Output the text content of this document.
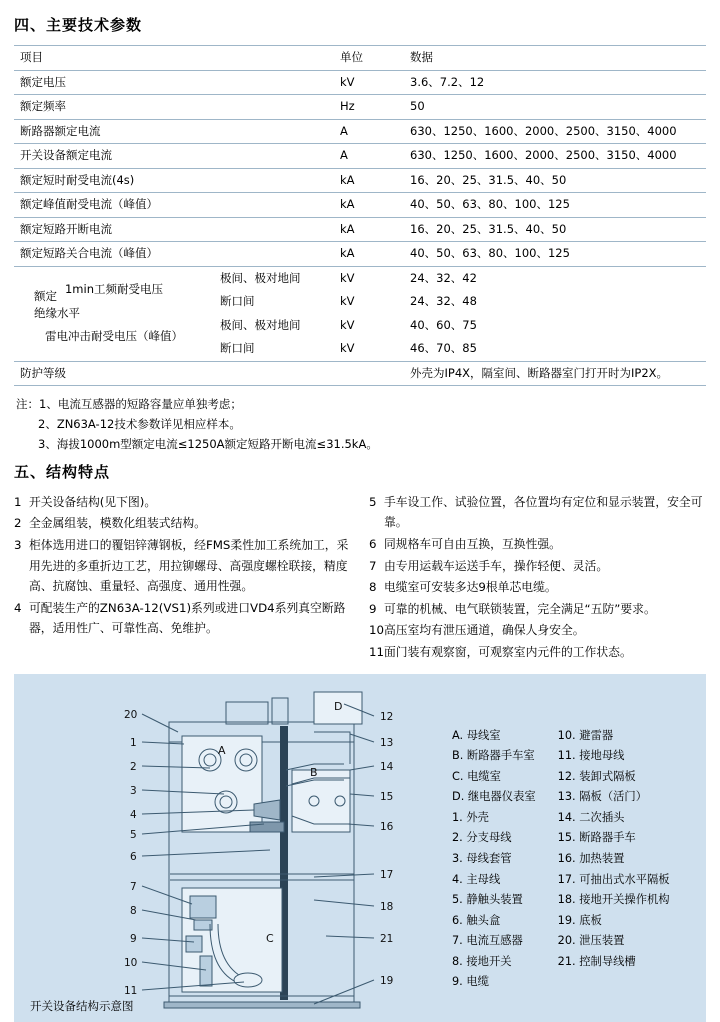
四、主要技术参数
项目		单位	数据
额定电压		kV	3.6、7.2、12
额定频率		Hz	50
断路器额定电流		A	630、1250、1600、2000、2500、3150、4000
开关设备额定电流		A	630、1250、1600、2000、2500、3150、4000
额定短时耐受电流(4s)		kA	16、20、25、31.5、40、50
额定峰值耐受电流（峰值）		kA	40、50、63、80、100、125
额定短路开断电流		kA	16、20、25、31.5、40、50
额定短路关合电流（峰值）		kA	40、50、63、80、100、125
1min工频耐受电压	极间、极对地间	kV	24、32、42
	断口间	kV	24、32、48
雷电冲击耐受电压（峰值）	极间、极对地间	kV	40、60、75
	断口间	kV	46、70、85
防护等级			外壳为IP4X，隔室间、断路器室门打开时为IP2X。
额定
绝缘水平
注：1、电流互感器的短路容量应单独考虑；
2、ZN63A-12技术参数详见相应样本。
3、海拔1000m型额定电流≤1250A额定短路开断电流≤31.5kA。
五、结构特点
1 开关设备结构(见下图)。
2 全金属组装，模数化组装式结构。
3 柜体选用进口的覆铝锌薄钢板，经FMS柔性加工系统加工，采用先进的多重折边工艺，用拉铆螺母、高强度螺栓联接，精度高、抗腐蚀、重量轻、高强度、通用性强。
4 可配装生产的ZN63A-12(VS1)系列或进口VD4系列真空断路器，适用性广、可靠性高、免维护。
5 手车设工作、试验位置，各位置均有定位和显示装置，安全可靠。
6 同规格车可自由互换，互换性强。
7 由专用运载车运送手车，操作轻便、灵活。
8 电缆室可安装多达9根单芯电缆。
9 可靠的机械、电气联锁装置，完全满足“五防”要求。
10 高压室均有泄压通道，确保人身安全。
11 面门装有观察窗，可观察室内元件的工作状态。
20
1
2
3
4
5
6
7
8
9
10
11
12
13
14
15
16
17
18
21
19
A
B
C
D
A. 母线室
B. 断路器手车室
C. 电缆室
D. 继电器仪表室
1. 外壳
2. 分支母线
3. 母线套管
4. 主母线
5. 静触头装置
6. 触头盒
7. 电流互感器
8. 接地开关
9. 电缆
10. 避雷器
11. 接地母线
12. 装卸式隔板
13. 隔板（活门）
14. 二次插头
15. 断路器手车
16. 加热装置
17. 可抽出式水平隔板
18. 接地开关操作机构
19. 底板
20. 泄压装置
21. 控制导线槽
开关设备结构示意图
